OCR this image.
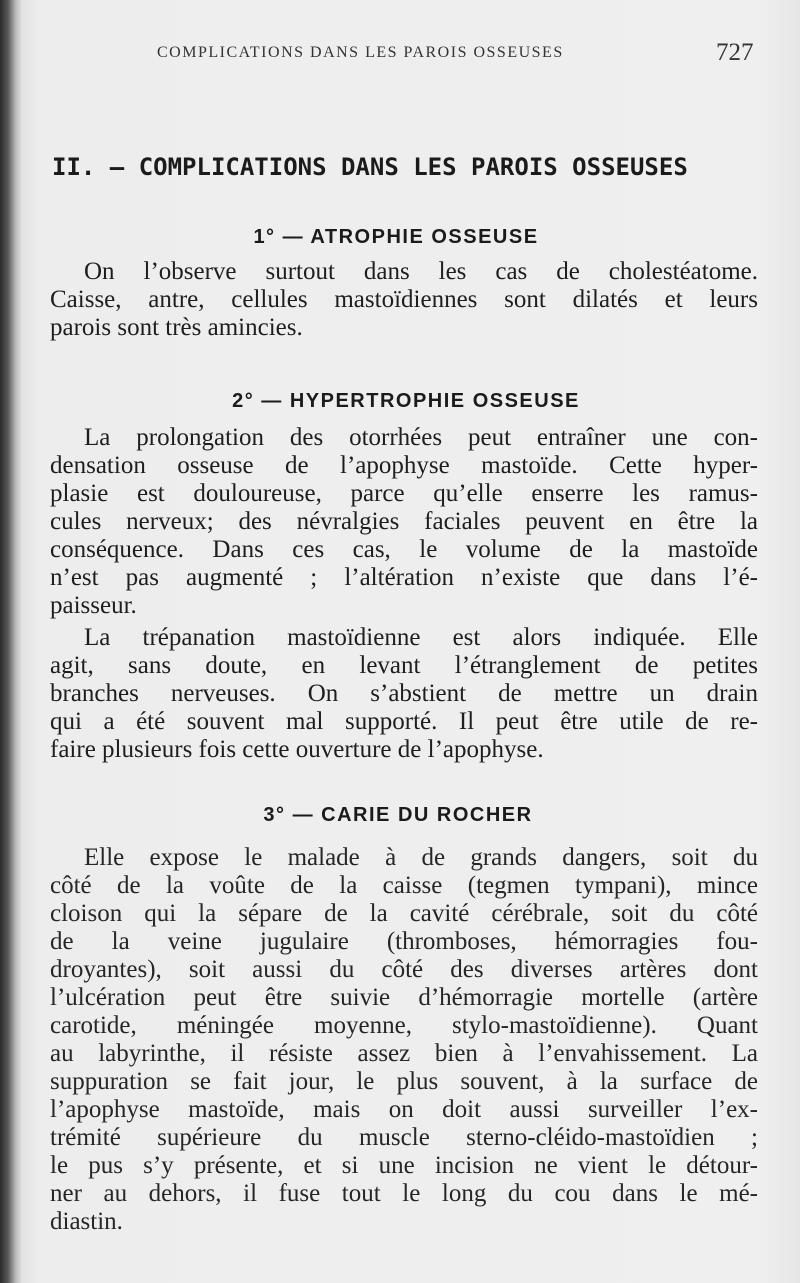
COMPLICATIONS DANS LES PAROIS OSSEUSES	727
II. — COMPLICATIONS DANS LES PAROIS OSSEUSES
1° — ATROPHIE OSSEUSE
On l’observe surtout dans les cas de cholestéatome.
Caisse, antre, cellules mastoïdiennes sont dilatés et leurs
parois sont très amincies.
2° — HYPERTROPHIE OSSEUSE
La prolongation des otorrhées peut entraîner une con-
densation osseuse de l’apophyse mastoïde. Cette hyper-
plasie est douloureuse, parce qu’elle enserre les ramus-
cules nerveux; des névralgies faciales peuvent en être la
conséquence. Dans ces cas, le volume de la mastoïde
n’est pas augmenté ; l’altération n’existe que dans l’é-
paisseur.
La trépanation mastoïdienne est alors indiquée. Elle
agit, sans doute, en levant l’étranglement de petites
branches nerveuses. On s’abstient de mettre un drain
qui a été souvent mal supporté. Il peut être utile de re-
faire plusieurs fois cette ouverture de l’apophyse.
3° — CARIE DU ROCHER
Elle expose le malade à de grands dangers, soit du
côté de la voûte de la caisse (tegmen tympani), mince
cloison qui la sépare de la cavité cérébrale, soit du côté
de la veine jugulaire (thromboses, hémorragies fou-
droyantes), soit aussi du côté des diverses artères dont
l’ulcération peut être suivie d’hémorragie mortelle (artère
carotide, méningée moyenne, stylo-mastoïdienne). Quant
au labyrinthe, il résiste assez bien à l’envahissement. La
suppuration se fait jour, le plus souvent, à la surface de
l’apophyse mastoïde, mais on doit aussi surveiller l’ex-
trémité supérieure du muscle sterno-cléido-mastoïdien ;
le pus s’y présente, et si une incision ne vient le détour-
ner au dehors, il fuse tout le long du cou dans le mé-
diastin.
